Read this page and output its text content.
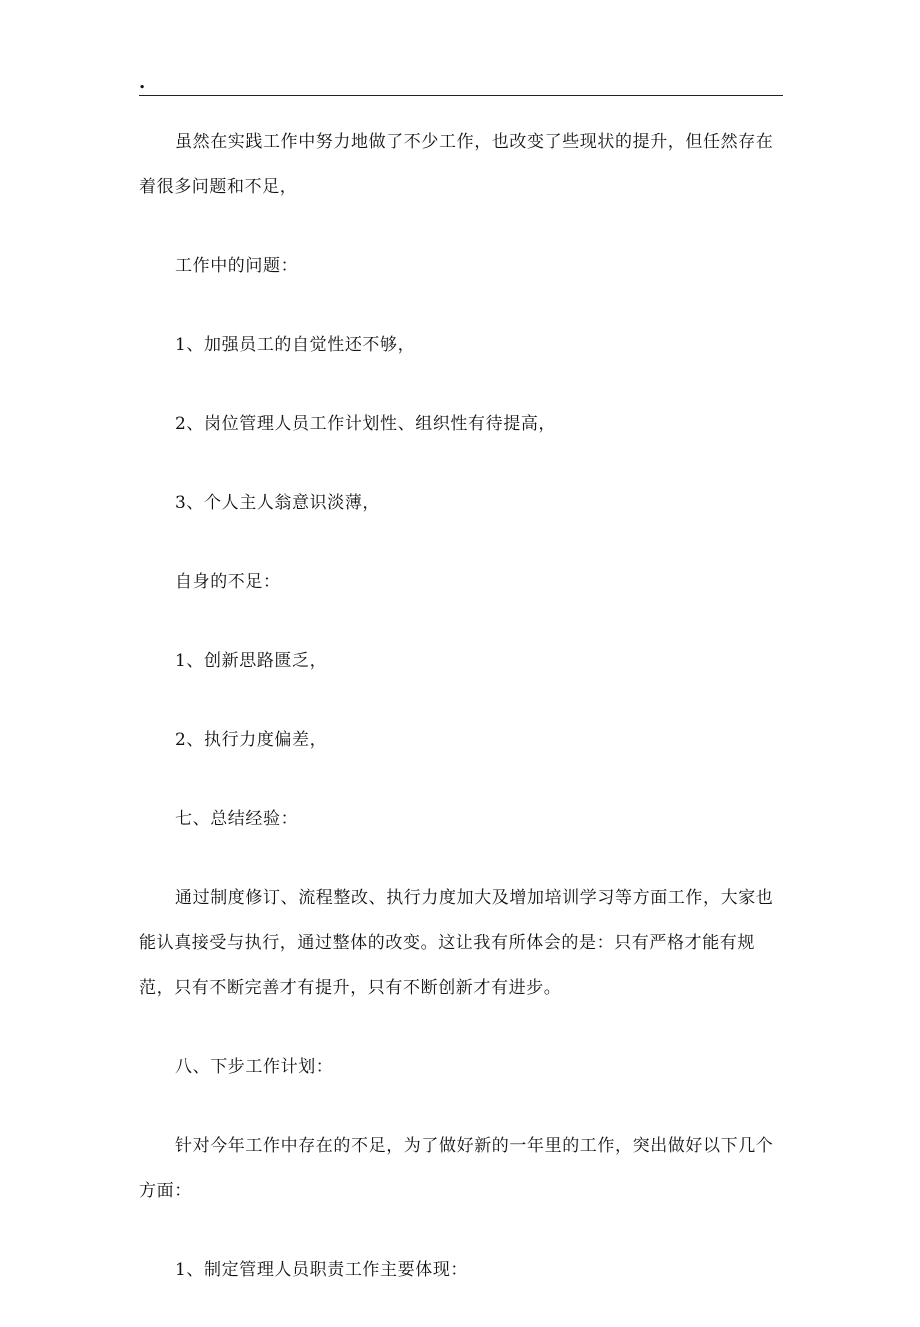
.

虽然在实践工作中努力地做了不少工作，也改变了些现状的提升，但任然存在着很多问题和不足，

工作中的问题：

1、加强员工的自觉性还不够，

2、岗位管理人员工作计划性、组织性有待提高，

3、个人主人翁意识淡薄，

自身的不足：

1、创新思路匮乏，

2、执行力度偏差，

七、总结经验：

通过制度修订、流程整改、执行力度加大及增加培训学习等方面工作，大家也能认真接受与执行，通过整体的改变。这让我有所体会的是：只有严格才能有规范，只有不断完善才有提升，只有不断创新才有进步。

八、下步工作计划：

针对今年工作中存在的不足，为了做好新的一年里的工作，突出做好以下几个方面：

1、制定管理人员职责工作主要体现：
